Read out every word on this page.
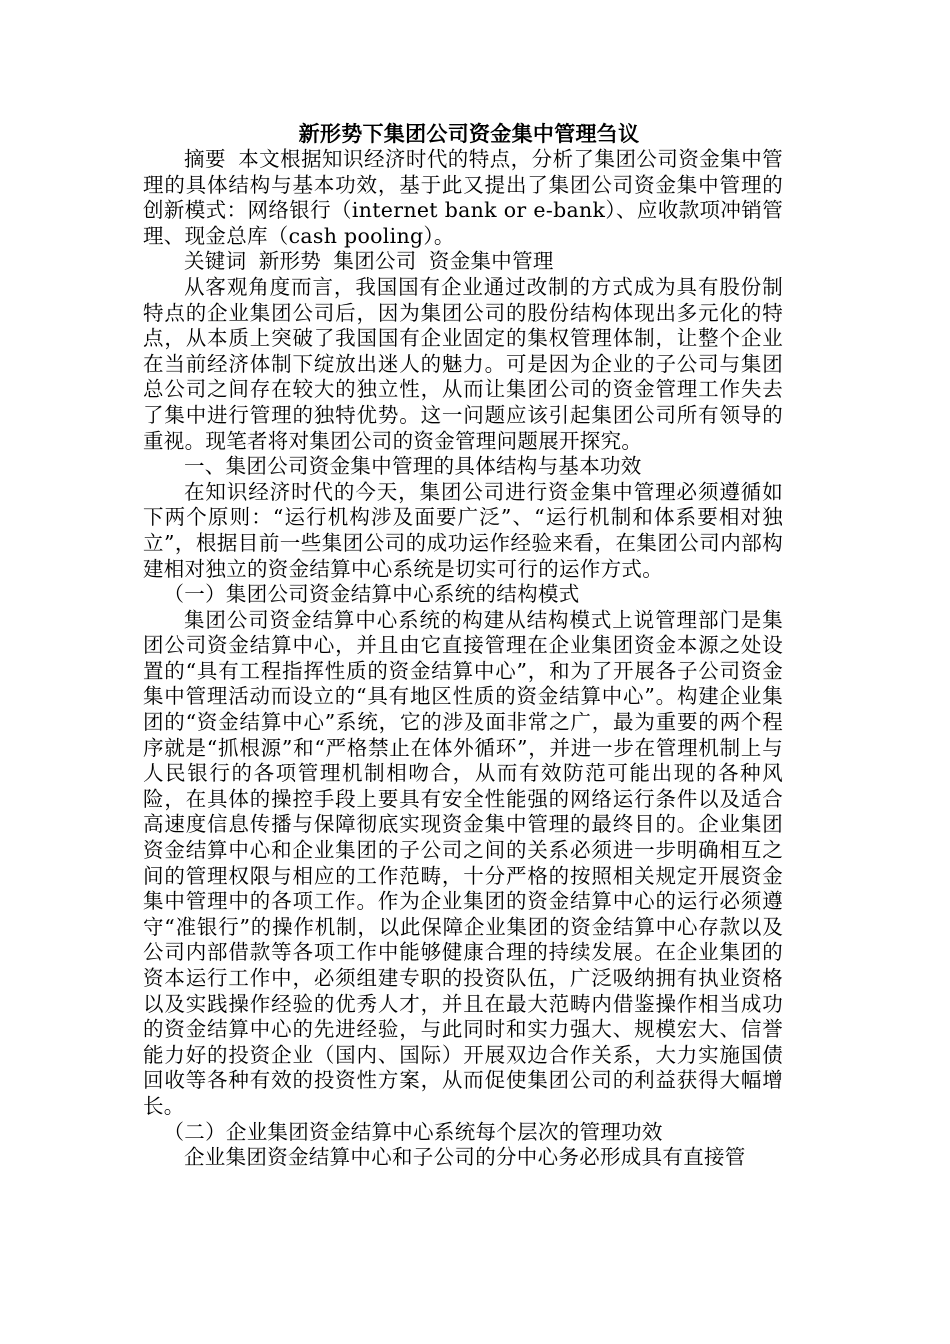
新形势下集团公司资金集中管理刍议

摘要 本文根据知识经济时代的特点，分析了集团公司资金集中管理的具体结构与基本功效，基于此又提出了集团公司资金集中管理的创新模式：网络银行（internet bank or e-bank）、应收款项冲销管理、现金总库（cash pooling）。

关键词 新形势 集团公司 资金集中管理

从客观角度而言，我国国有企业通过改制的方式成为具有股份制特点的企业集团公司后，因为集团公司的股份结构体现出多元化的特点，从本质上突破了我国国有企业固定的集权管理体制，让整个企业在当前经济体制下绽放出迷人的魅力。可是因为企业的子公司与集团总公司之间存在较大的独立性，从而让集团公司的资金管理工作失去了集中进行管理的独特优势。这一问题应该引起集团公司所有领导的重视。现笔者将对集团公司的资金管理问题展开探究。

一、集团公司资金集中管理的具体结构与基本功效

在知识经济时代的今天，集团公司进行资金集中管理必须遵循如下两个原则：“运行机构涉及面要广泛”、“运行机制和体系要相对独立”，根据目前一些集团公司的成功运作经验来看，在集团公司内部构建相对独立的资金结算中心系统是切实可行的运作方式。

（一）集团公司资金结算中心系统的结构模式

集团公司资金结算中心系统的构建从结构模式上说管理部门是集团公司资金结算中心，并且由它直接管理在企业集团资金本源之处设置的“具有工程指挥性质的资金结算中心”，和为了开展各子公司资金集中管理活动而设立的“具有地区性质的资金结算中心”。构建企业集团的“资金结算中心”系统，它的涉及面非常之广，最为重要的两个程序就是“抓根源”和“严格禁止在体外循环”，并进一步在管理机制上与人民银行的各项管理机制相吻合，从而有效防范可能出现的各种风险，在具体的操控手段上要具有安全性能强的网络运行条件以及适合高速度信息传播与保障彻底实现资金集中管理的最终目的。企业集团资金结算中心和企业集团的子公司之间的关系必须进一步明确相互之间的管理权限与相应的工作范畴，十分严格的按照相关规定开展资金集中管理中的各项工作。作为企业集团的资金结算中心的运行必须遵守“准银行”的操作机制，以此保障企业集团的资金结算中心存款以及公司内部借款等各项工作中能够健康合理的持续发展。在企业集团的资本运行工作中，必须组建专职的投资队伍，广泛吸纳拥有执业资格以及实践操作经验的优秀人才，并且在最大范畴内借鉴操作相当成功的资金结算中心的先进经验，与此同时和实力强大、规模宏大、信誉能力好的投资企业（国内、国际）开展双边合作关系，大力实施国债回收等各种有效的投资性方案，从而促使集团公司的利益获得大幅增长。

（二）企业集团资金结算中心系统每个层次的管理功效

企业集团资金结算中心和子公司的分中心务必形成具有直接管
